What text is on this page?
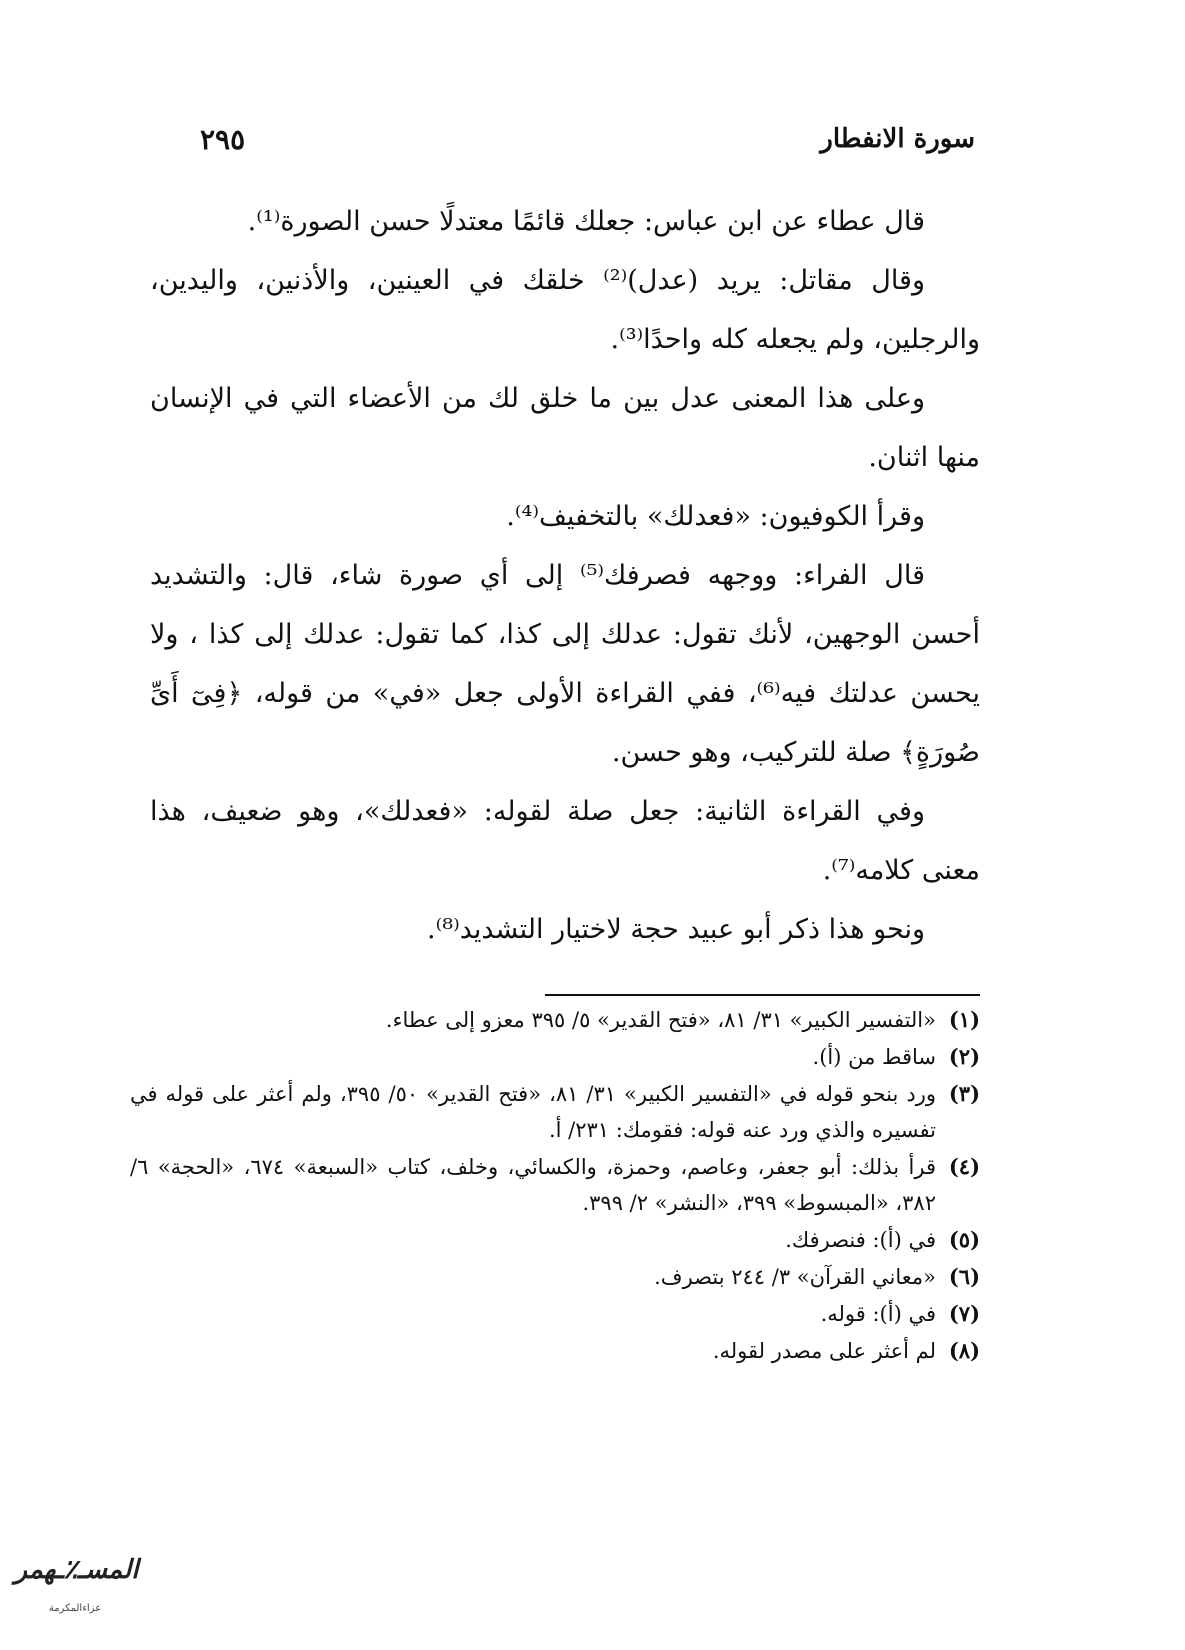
سورة الانفطار
٢٩٥

قال عطاء عن ابن عباس: جعلك قائمًا معتدلًا حسن الصورة⁽¹⁾.

وقال مقاتل: يريد (عدل)⁽²⁾ خلقك في العينين، والأذنين، واليدين، والرجلين، ولم يجعله كله واحدًا⁽³⁾.

وعلى هذا المعنى عدل بين ما خلق لك من الأعضاء التي في الإنسان منها اثنان.

وقرأ الكوفيون: «فعدلك» بالتخفيف⁽⁴⁾.

قال الفراء: ووجهه فصرفك⁽⁵⁾ إلى أي صورة شاء، قال: والتشديد أحسن الوجهين، لأنك تقول: عدلك إلى كذا، كما تقول: عدلك إلى كذا ، ولا يحسن عدلتك فيه⁽⁶⁾، ففي القراءة الأولى جعل «في» من قوله، ﴿فِىٓ أَىِّ صُورَةٍ﴾ صلة للتركيب، وهو حسن.

وفي القراءة الثانية: جعل صلة لقوله: «فعدلك»، وهو ضعيف، هذا معنى كلامه⁽⁷⁾.

ونحو هذا ذكر أبو عبيد حجة لاختيار التشديد⁽⁸⁾.

(١)
«التفسير الكبير» ٣١/ ٨١، «فتح القدير» ٥/ ٣٩٥ معزو إلى عطاء.
(٢)
ساقط من (أ).
(٣)
ورد بنحو قوله في «التفسير الكبير» ٣١/ ٨١، «فتح القدير» ٥٠/ ٣٩٥، ولم أعثر على قوله في تفسيره والذي ورد عنه قوله: فقومك: ٢٣١/ أ.
(٤)
قرأ بذلك: أبو جعفر، وعاصم، وحمزة، والكسائي، وخلف، كتاب «السبعة» ٦٧٤، «الحجة» ٦/ ٣٨٢، «المبسوط» ٣٩٩، «النشر» ٢/ ٣٩٩.
(٥)
في (أ): فنصرفك.
(٦)
«معاني القرآن» ٣/ ٢٤٤ بتصرف.
(٧)
في (أ): قوله.
(٨)
لم أعثر على مصدر لقوله.
المسـ٪ـهمر
عزاءالمكرمة
